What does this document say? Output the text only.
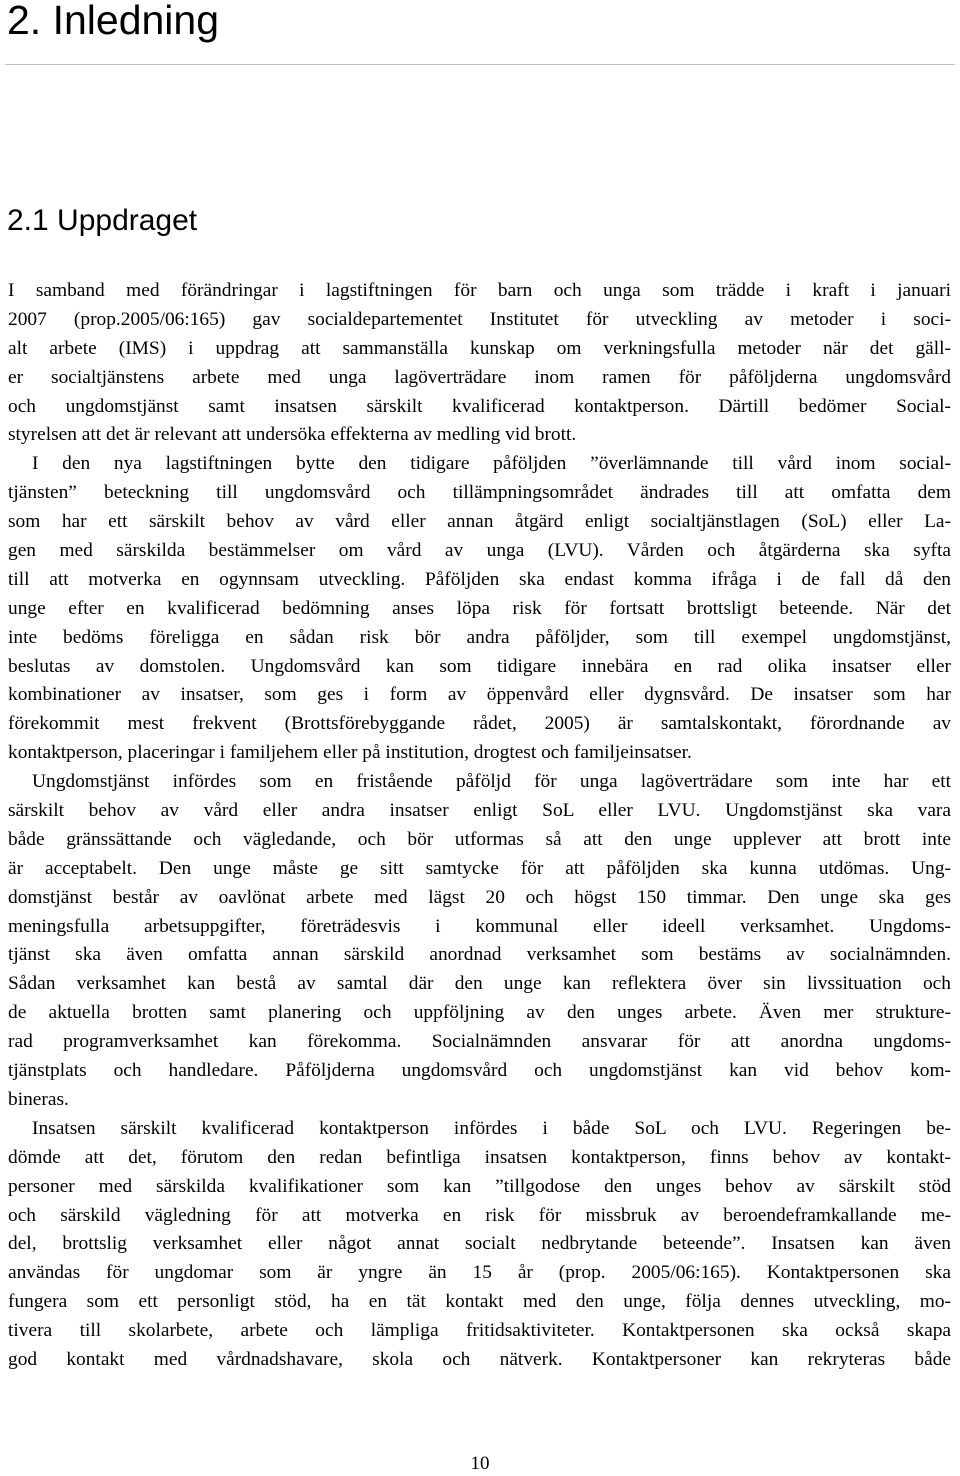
2. Inledning
2.1 Uppdraget
I samband med förändringar i lagstiftningen för barn och unga som trädde i kraft i januari
2007 (prop.2005/06:165) gav socialdepartementet Institutet för utveckling av metoder i soci-
alt arbete (IMS) i uppdrag att sammanställa kunskap om verkningsfulla metoder när det gäll-
er socialtjänstens arbete med unga lagöverträdare inom ramen för påföljderna ungdomsvård
och ungdomstjänst samt insatsen särskilt kvalificerad kontaktperson. Därtill bedömer Social-
styrelsen att det är relevant att undersöka effekterna av medling vid brott.
I den nya lagstiftningen bytte den tidigare påföljden ”överlämnande till vård inom social-
tjänsten” beteckning till ungdomsvård och tillämpningsområdet ändrades till att omfatta dem
som har ett särskilt behov av vård eller annan åtgärd enligt socialtjänstlagen (SoL) eller La-
gen med särskilda bestämmelser om vård av unga (LVU). Vården och åtgärderna ska syfta
till att motverka en ogynnsam utveckling. Påföljden ska endast komma ifråga i de fall då den
unge efter en kvalificerad bedömning anses löpa risk för fortsatt brottsligt beteende. När det
inte bedöms föreligga en sådan risk bör andra påföljder, som till exempel ungdomstjänst,
beslutas av domstolen. Ungdomsvård kan som tidigare innebära en rad olika insatser eller
kombinationer av insatser, som ges i form av öppenvård eller dygnsvård. De insatser som har
förekommit mest frekvent (Brottsförebyggande rådet, 2005) är samtalskontakt, förordnande av
kontaktperson, placeringar i familjehem eller på institution, drogtest och familjeinsatser.
Ungdomstjänst infördes som en fristående påföljd för unga lagöverträdare som inte har ett
särskilt behov av vård eller andra insatser enligt SoL eller LVU. Ungdomstjänst ska vara
både gränssättande och vägledande, och bör utformas så att den unge upplever att brott inte
är acceptabelt. Den unge måste ge sitt samtycke för att påföljden ska kunna utdömas. Ung-
domstjänst består av oavlönat arbete med lägst 20 och högst 150 timmar. Den unge ska ges
meningsfulla arbetsuppgifter, företrädesvis i kommunal eller ideell verksamhet. Ungdoms-
tjänst ska även omfatta annan särskild anordnad verksamhet som bestäms av socialnämnden.
Sådan verksamhet kan bestå av samtal där den unge kan reflektera över sin livssituation och
de aktuella brotten samt planering och uppföljning av den unges arbete. Även mer strukture-
rad programverksamhet kan förekomma. Socialnämnden ansvarar för att anordna ungdoms-
tjänstplats och handledare. Påföljderna ungdomsvård och ungdomstjänst kan vid behov kom-
bineras.
Insatsen särskilt kvalificerad kontaktperson infördes i både SoL och LVU. Regeringen be-
dömde att det, förutom den redan befintliga insatsen kontaktperson, finns behov av kontakt-
personer med särskilda kvalifikationer som kan ”tillgodose den unges behov av särskilt stöd
och särskild vägledning för att motverka en risk för missbruk av beroendeframkallande me-
del, brottslig verksamhet eller något annat socialt nedbrytande beteende”. Insatsen kan även
användas för ungdomar som är yngre än 15 år (prop. 2005/06:165). Kontaktpersonen ska
fungera som ett personligt stöd, ha en tät kontakt med den unge, följa dennes utveckling, mo-
tivera till skolarbete, arbete och lämpliga fritidsaktiviteter. Kontaktpersonen ska också skapa
god kontakt med vårdnadshavare, skola och nätverk. Kontaktpersoner kan rekryteras både
10
